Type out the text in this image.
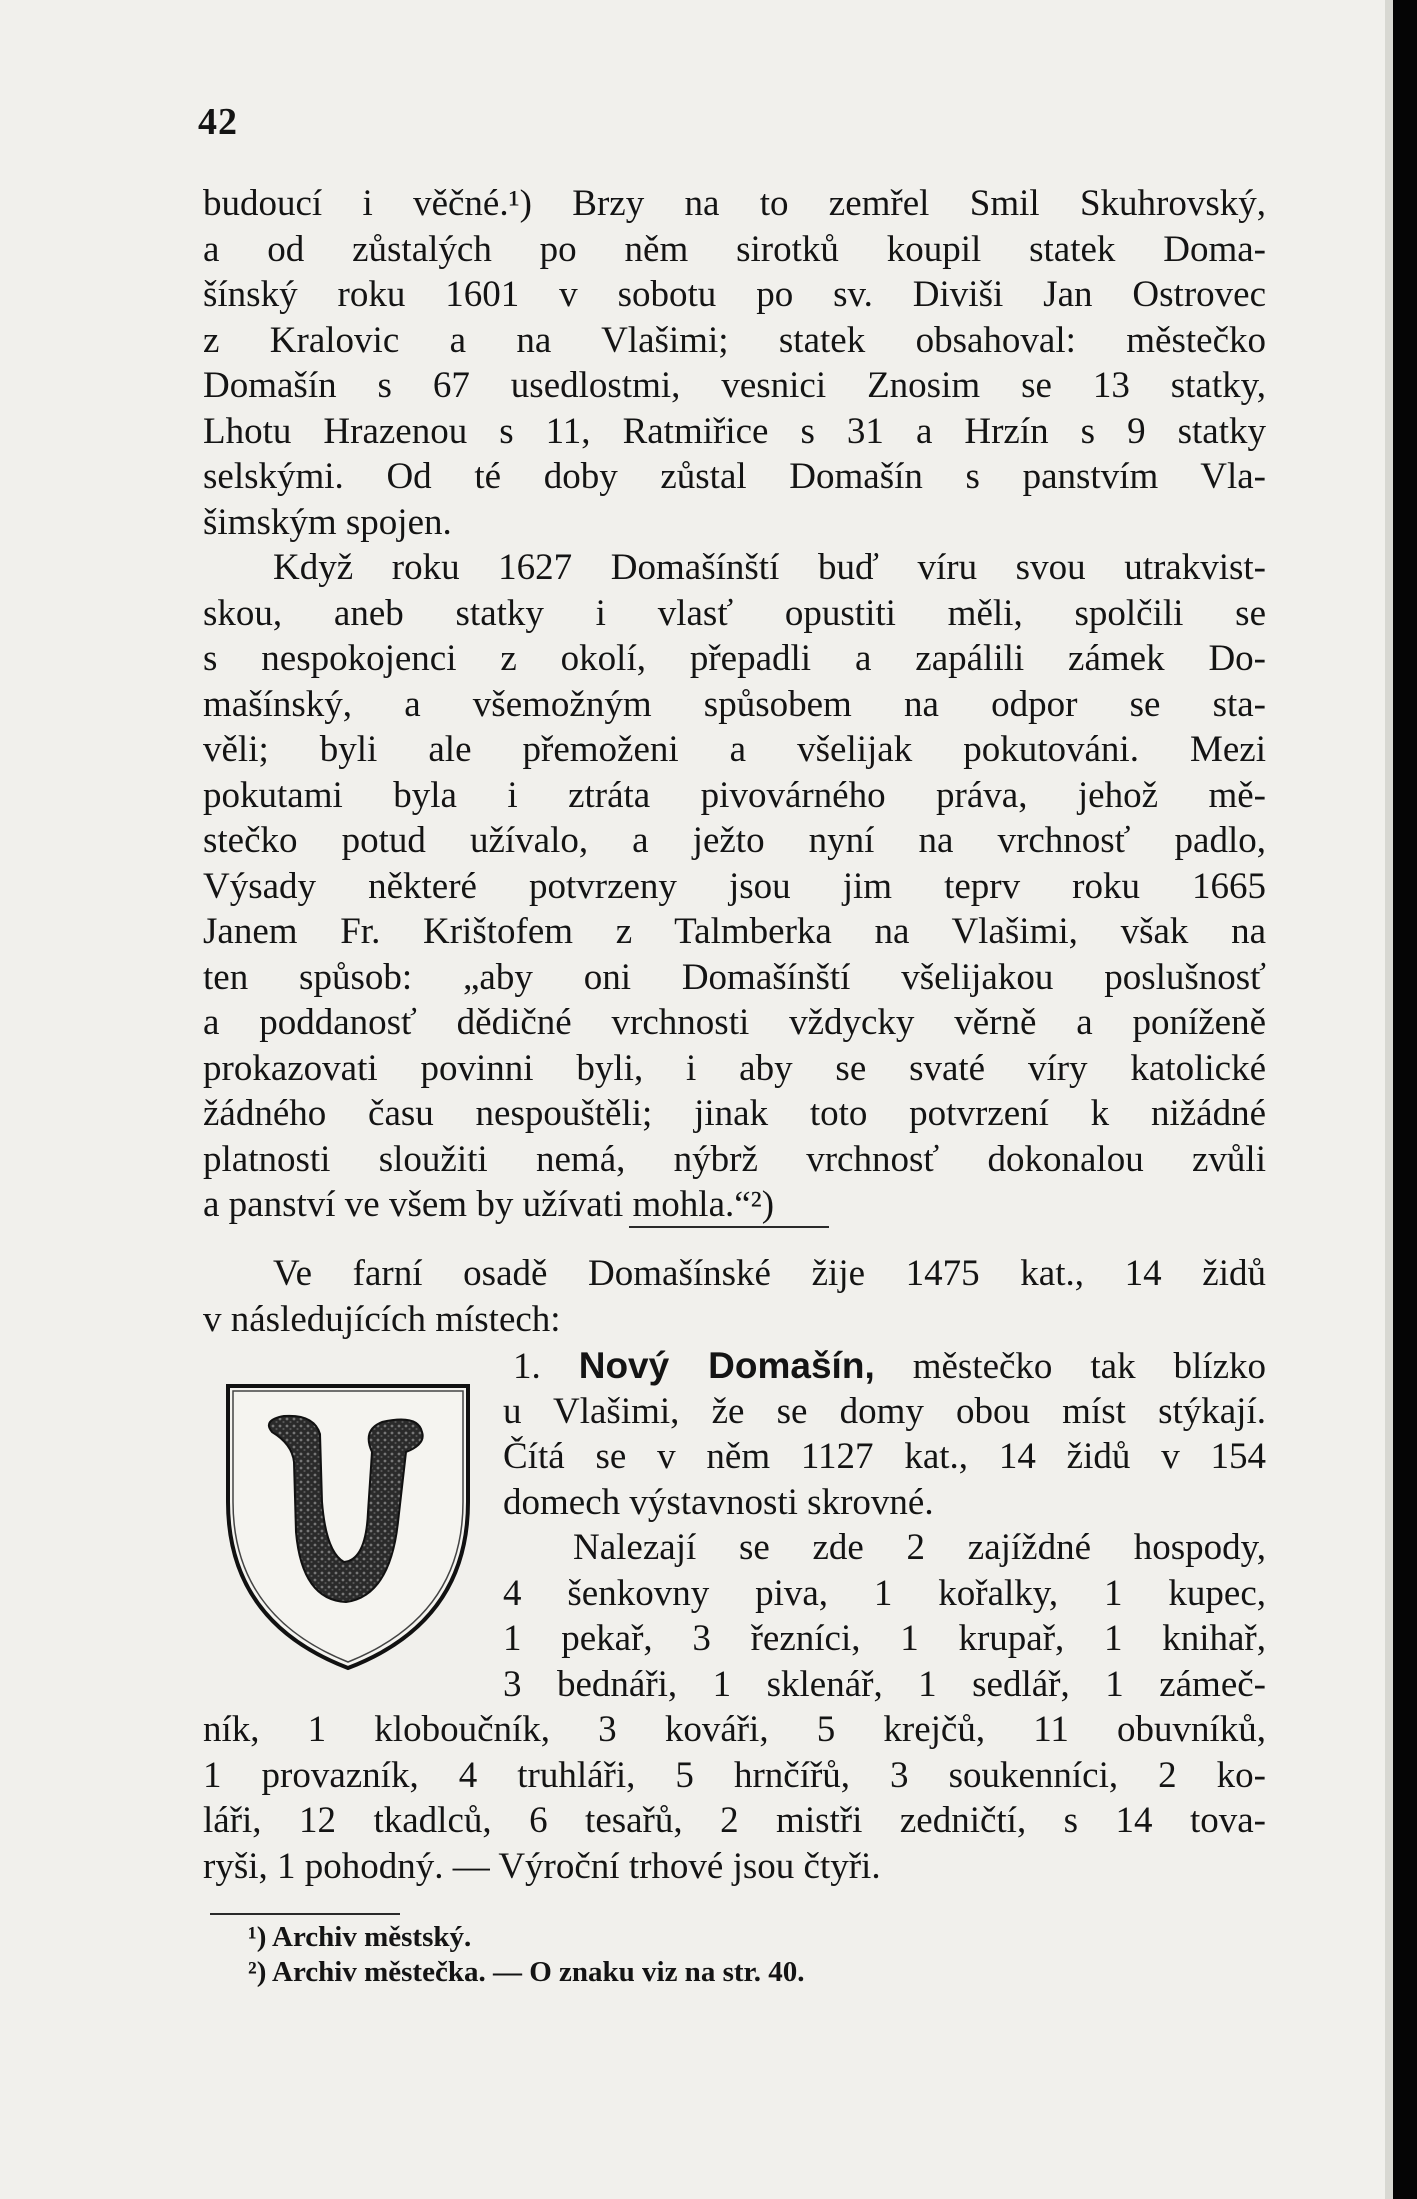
42
budoucí i věčné.¹) Brzy na to zemřel Smil Skuhrovský,
a od zůstalých po něm sirotků koupil statek Doma-
šínský roku 1601 v sobotu po sv. Diviši Jan Ostrovec
z Kralovic a na Vlašimi; statek obsahoval: městečko
Domašín s 67 usedlostmi, vesnici Znosim se 13 statky,
Lhotu Hrazenou s 11, Ratmiřice s 31 a Hrzín s 9 statky
selskými. Od té doby zůstal Domašín s panstvím Vla-
šimským spojen.
Když roku 1627 Domašínští buď víru svou utrakvist-
skou, aneb statky i vlasť opustiti měli, spolčili se
s nespokojenci z okolí, přepadli a zapálili zámek Do-
mašínský, a všemožným spůsobem na odpor se sta-
věli; byli ale přemoženi a všelijak pokutováni. Mezi
pokutami byla i ztráta pivovárného práva, jehož mě-
stečko potud užívalo, a ježto nyní na vrchnosť padlo,
Výsady některé potvrzeny jsou jim teprv roku 1665
Janem Fr. Krištofem z Talmberka na Vlašimi, však na
ten spůsob: „aby oni Domašínští všelijakou poslušnosť
a poddanosť dědičné vrchnosti vždycky věrně a poníženě
prokazovati povinni byli, i aby se svaté víry katolické
žádného času nespouštěli; jinak toto potvrzení k nižádné
platnosti sloužiti nemá, nýbrž vrchnosť dokonalou zvůli
a panství ve všem by užívati mohla.“²)
Ve farní osadě Domašínské žije 1475 kat., 14 židů
v následujících místech:
1. Nový Domašín, městečko tak blízko
u Vlašimi, že se domy obou míst stýkají.
Čítá se v něm 1127 kat., 14 židů v 154
domech výstavnosti skrovné.
Nalezají se zde 2 zajíždné hospody,
4 šenkovny piva, 1 kořalky, 1 kupec,
1 pekař, 3 řezníci, 1 krupař, 1 knihař,
3 bednáři, 1 sklenář, 1 sedlář, 1 zámeč-
ník, 1 kloboučník, 3 kováři, 5 krejčů, 11 obuvníků,
1 provazník, 4 truhláři, 5 hrnčířů, 3 soukenníci, 2 ko-
láři, 12 tkadlců, 6 tesařů, 2 mistři zedničtí, s 14 tova-
ryši, 1 pohodný. — Výroční trhové jsou čtyři.
¹) Archiv městský.
²) Archiv městečka. — O znaku viz na str. 40.
